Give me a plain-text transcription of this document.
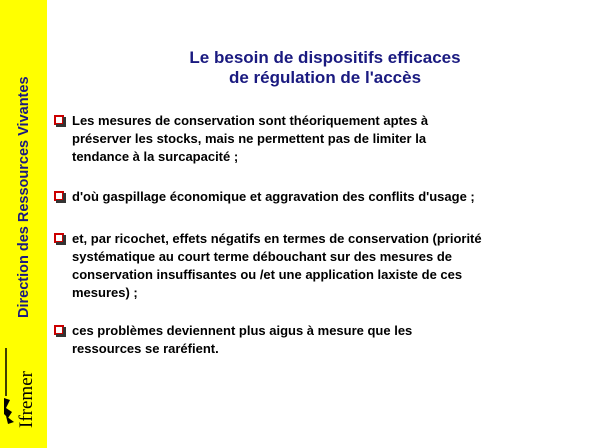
Direction des Ressources Vivantes
Ifremer
Le besoin de dispositifs efficaces
de régulation de l'accès
Les mesures de conservation sont théoriquement aptes à
préserver les stocks, mais ne permettent pas de limiter la
tendance à la surcapacité ;
d'où gaspillage économique et aggravation des conflits d'usage ;
et, par ricochet, effets négatifs en termes de conservation (priorité
systématique au court terme débouchant sur des mesures de
conservation insuffisantes ou /et une application laxiste de ces
mesures) ;
ces problèmes deviennent plus aigus à mesure que les
ressources se raréfient.
